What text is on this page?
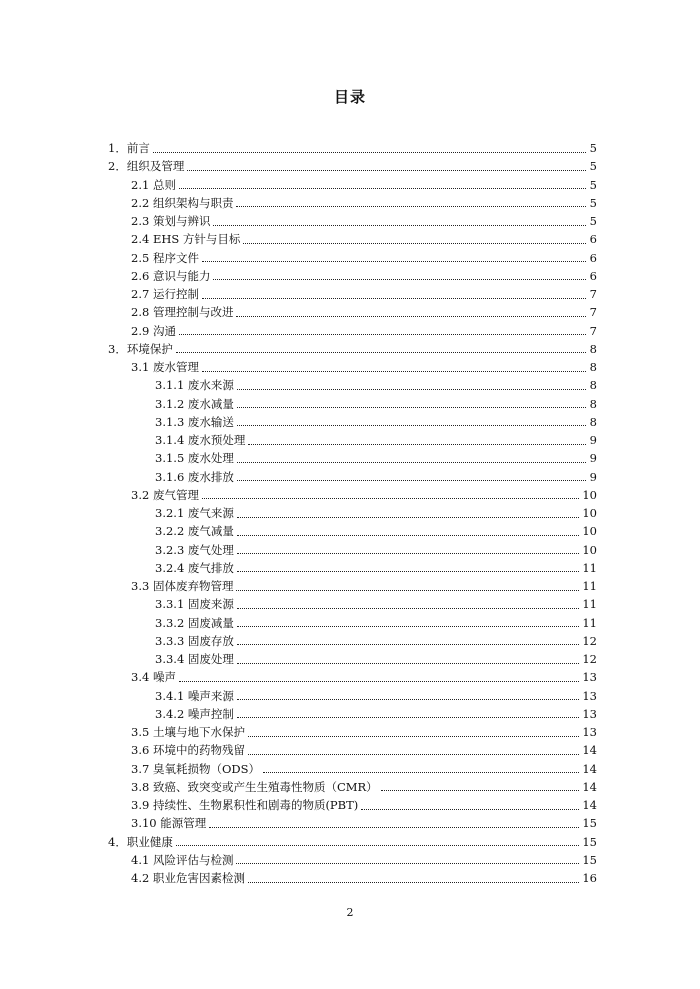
目录
1．前言	5
2．组织及管理	5
2.1 总则	5
2.2 组织架构与职责	5
2.3 策划与辨识	5
2.4 EHS 方针与目标	6
2.5 程序文件	6
2.6 意识与能力	6
2.7 运行控制	7
2.8 管理控制与改进	7
2.9 沟通	7
3．环境保护	8
3.1 废水管理	8
3.1.1 废水来源	8
3.1.2 废水减量	8
3.1.3 废水输送	8
3.1.4 废水预处理	9
3.1.5 废水处理	9
3.1.6 废水排放	9
3.2 废气管理	10
3.2.1 废气来源	10
3.2.2 废气减量	10
3.2.3 废气处理	10
3.2.4 废气排放	11
3.3 固体废弃物管理	11
3.3.1 固废来源	11
3.3.2 固废减量	11
3.3.3 固废存放	12
3.3.4 固废处理	12
3.4 噪声	13
3.4.1 噪声来源	13
3.4.2 噪声控制	13
3.5 土壤与地下水保护	13
3.6 环境中的药物残留	14
3.7 臭氧耗损物（ODS）	14
3.8 致癌、致突变或产生生殖毒性物质（CMR）	14
3.9 持续性、生物累积性和剧毒的物质(PBT)	14
3.10 能源管理	15
4．职业健康	15
4.1 风险评估与检测	15
4.2 职业危害因素检测	16
2
